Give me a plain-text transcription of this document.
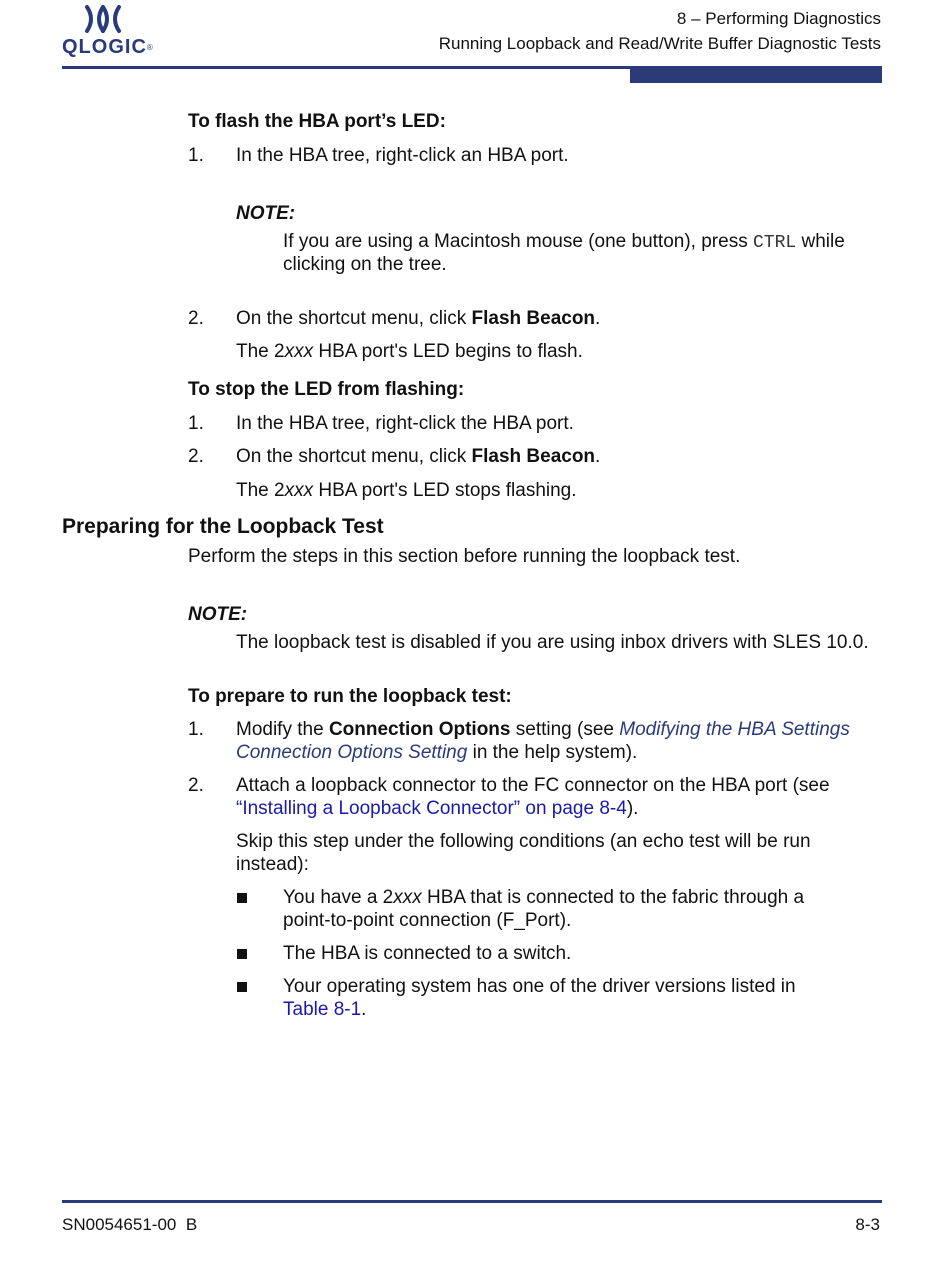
QLOGIC®
8 – Performing Diagnostics
Running Loopback and Read/Write Buffer Diagnostic Tests
To flash the HBA port’s LED:
1. In the HBA tree, right-click an HBA port.
NOTE:
If you are using a Macintosh mouse (one button), press CTRL while
clicking on the tree.
2. On the shortcut menu, click Flash Beacon.
The 2xxx HBA port's LED begins to flash.
To stop the LED from flashing:
1. In the HBA tree, right-click the HBA port.
2. On the shortcut menu, click Flash Beacon.
The 2xxx HBA port's LED stops flashing.
Preparing for the Loopback Test
Perform the steps in this section before running the loopback test.
NOTE:
The loopback test is disabled if you are using inbox drivers with SLES 10.0.
To prepare to run the loopback test:
1. Modify the Connection Options setting (see Modifying the HBA Settings
Connection Options Setting in the help system).
2. Attach a loopback connector to the FC connector on the HBA port (see
“Installing a Loopback Connector” on page 8-4).
Skip this step under the following conditions (an echo test will be run
instead):
You have a 2xxx HBA that is connected to the fabric through a
point-to-point connection (F_Port).
The HBA is connected to a switch.
Your operating system has one of the driver versions listed in
Table 8-1.
SN0054651-00  B	8-3
